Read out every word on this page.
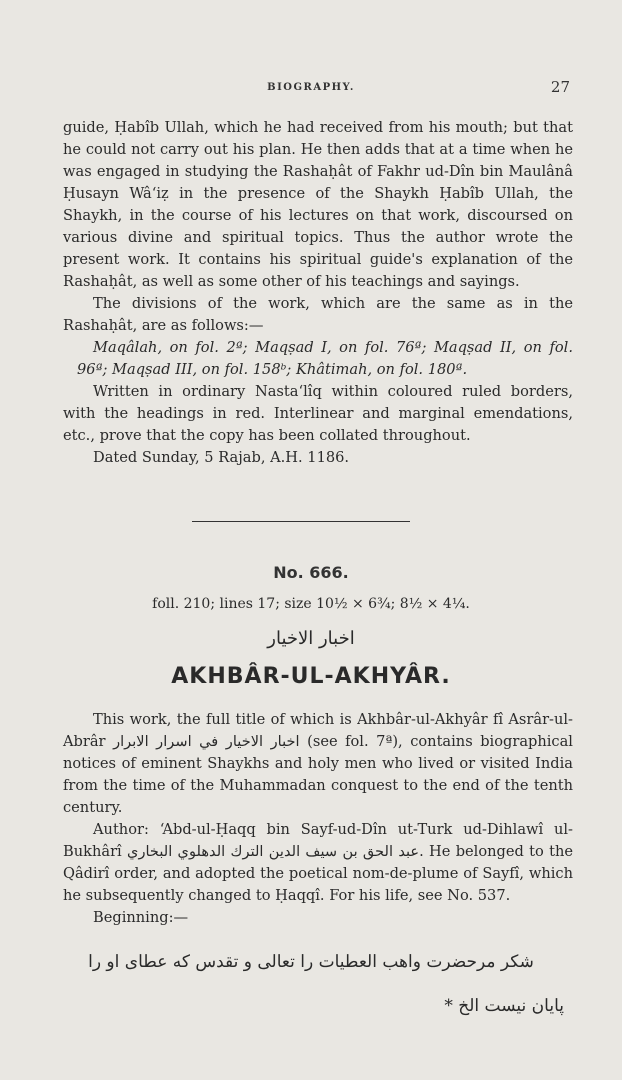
BIOGRAPHY.	27

guide, Ḥabîb Ullah, which he had received from his mouth; but that he could not carry out his plan. He then adds that at a time when he was engaged in studying the Rashaḥât of Fakhr ud-Dîn bin Maulânâ Ḥusayn Wâ‘iẓ in the presence of the Shaykh Ḥabîb Ullah, the Shaykh, in the course of his lectures on that work, discoursed on various divine and spiritual topics. Thus the author wrote the present work. It contains his spiritual guide's explanation of the Rashaḥât, as well as some other of his teachings and sayings.

The divisions of the work, which are the same as in the Rashaḥât, are as follows:—

Maqâlah, on fol. 2ª; Maqṣad I, on fol. 76ª; Maqṣad II, on fol. 96ª; Maqṣad III, on fol. 158ᵇ; Khâtimah, on fol. 180ª.

Written in ordinary Nasta‘lîq within coloured ruled borders, with the headings in red. Interlinear and marginal emendations, etc., prove that the copy has been collated throughout.

Dated Sunday, 5 Rajab, A.H. 1186.

No. 666.
foll. 210; lines 17; size 10½ × 6¾; 8½ × 4¼.
اخبار الاخيار
AKHBÂR-UL-AKHYÂR.

This work, the full title of which is Akhbâr-ul-Akhyâr fî Asrâr-ul-Abrâr اخبار الاخيار في اسرار الابرار (see fol. 7ª), contains biographical notices of eminent Shaykhs and holy men who lived or visited India from the time of the Muhammadan conquest to the end of the tenth century.

Author: ‘Abd-ul-Ḥaqq bin Sayf-ud-Dîn ut-Turk ud-Dihlawî ul-Bukhârî عبد الحق بن سيف الدين الترك الدهلوي البخاري. He belonged to the Qâdirî order, and adopted the poetical nom-de-plume of Sayfî, which he subsequently changed to Ḥaqqî. For his life, see No. 537.

Beginning:—

شکر مرحضرت واهب العطيات را تعالی و تقدس که عطای او را
پايان نيست الخ *
